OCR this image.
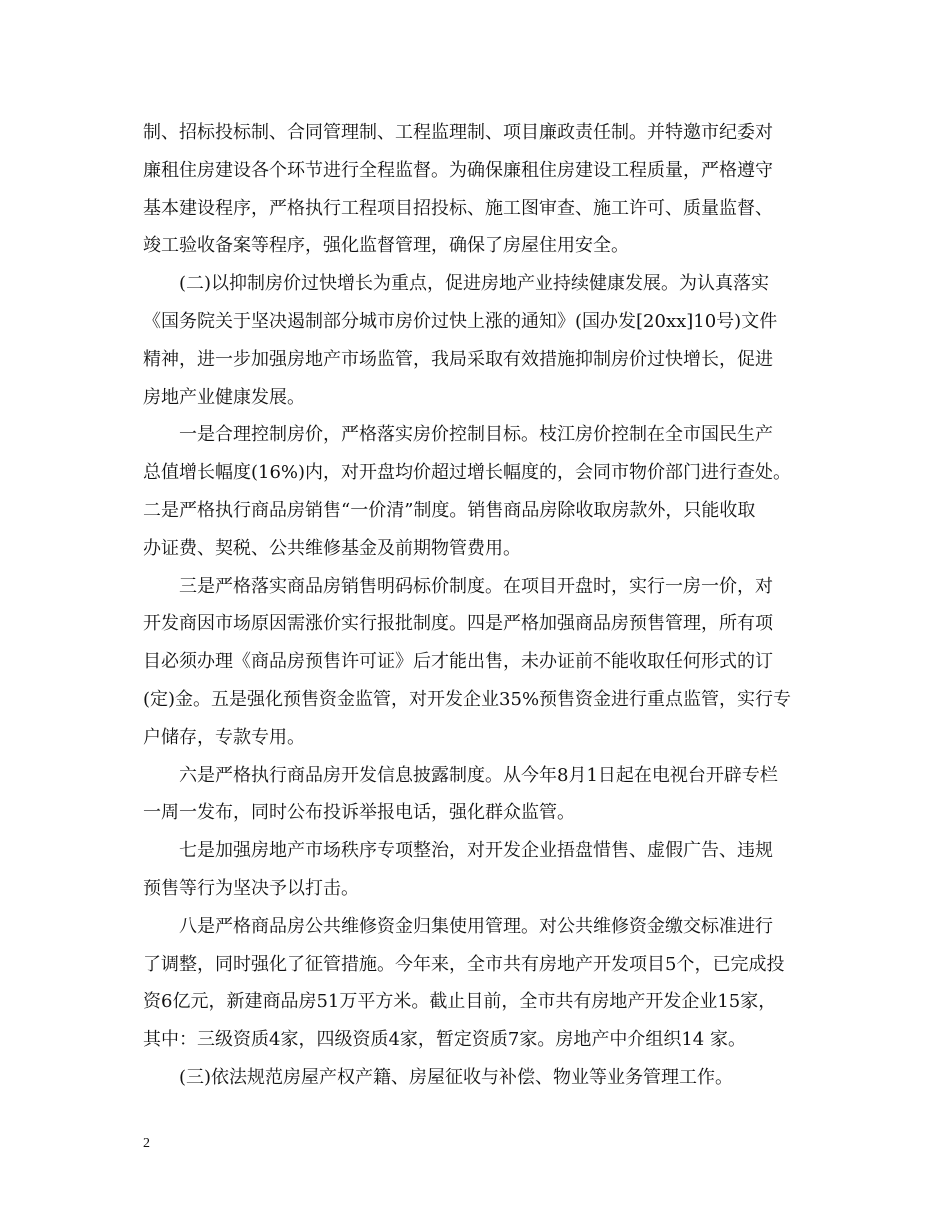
制、招标投标制、合同管理制、工程监理制、项目廉政责任制。并特邀市纪委对
廉租住房建设各个环节进行全程监督。为确保廉租住房建设工程质量，严格遵守
基本建设程序，严格执行工程项目招投标、施工图审查、施工许可、质量监督、
竣工验收备案等程序，强化监督管理，确保了房屋住用安全。
(二)以抑制房价过快增长为重点，促进房地产业持续健康发展。为认真落实
《国务院关于坚决遏制部分城市房价过快上涨的通知》(国办发[20xx]10号)文件
精神，进一步加强房地产市场监管，我局采取有效措施抑制房价过快增长，促进
房地产业健康发展。
一是合理控制房价，严格落实房价控制目标。枝江房价控制在全市国民生产
总值增长幅度(16%)内，对开盘均价超过增长幅度的，会同市物价部门进行查处。
二是严格执行商品房销售“一价清”制度。销售商品房除收取房款外，只能收取
办证费、契税、公共维修基金及前期物管费用。
三是严格落实商品房销售明码标价制度。在项目开盘时，实行一房一价，对
开发商因市场原因需涨价实行报批制度。四是严格加强商品房预售管理，所有项
目必须办理《商品房预售许可证》后才能出售，未办证前不能收取任何形式的订
(定)金。五是强化预售资金监管，对开发企业35%预售资金进行重点监管，实行专
户储存，专款专用。
六是严格执行商品房开发信息披露制度。从今年8月1日起在电视台开辟专栏
一周一发布，同时公布投诉举报电话，强化群众监管。
七是加强房地产市场秩序专项整治，对开发企业捂盘惜售、虚假广告、违规
预售等行为坚决予以打击。
八是严格商品房公共维修资金归集使用管理。对公共维修资金缴交标准进行
了调整，同时强化了征管措施。今年来，全市共有房地产开发项目5个，已完成投
资6亿元，新建商品房51万平方米。截止目前，全市共有房地产开发企业15家，
其中：三级资质4家，四级资质4家，暂定资质7家。房地产中介组织14 家。
(三)依法规范房屋产权产籍、房屋征收与补偿、物业等业务管理工作。
2
